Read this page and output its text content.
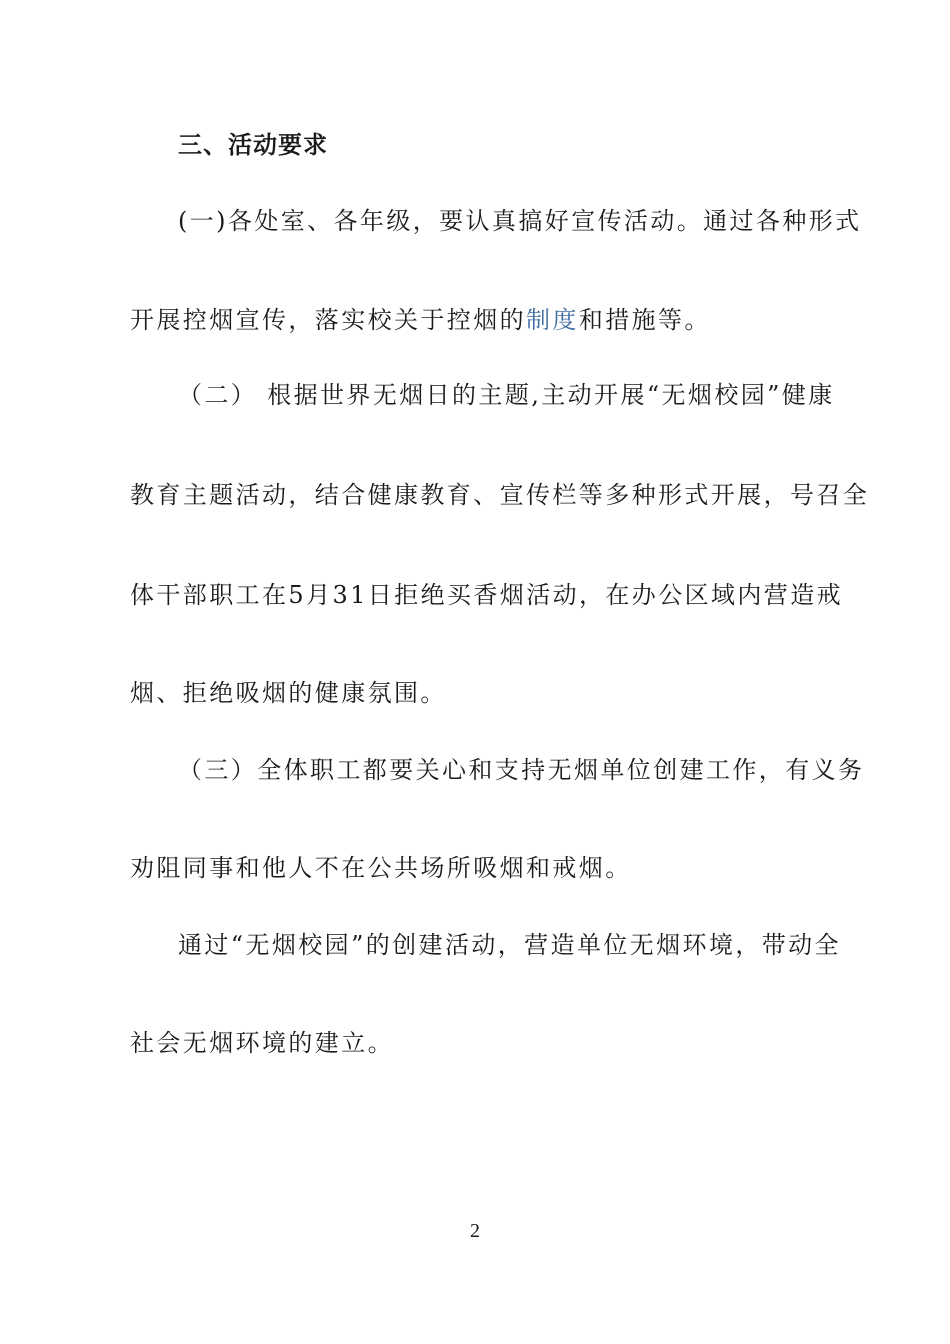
三、活动要求
(一)各处室、各年级，要认真搞好宣传活动。通过各种形式
开展控烟宣传，落实校关于控烟的制度和措施等。
（二） 根据世界无烟日的主题,主动开展“无烟校园”健康
教育主题活动，结合健康教育、宣传栏等多种形式开展，号召全
体干部职工在5月31日拒绝买香烟活动，在办公区域内营造戒
烟、拒绝吸烟的健康氛围。
（三）全体职工都要关心和支持无烟单位创建工作，有义务
劝阻同事和他人不在公共场所吸烟和戒烟。
通过“无烟校园”的创建活动，营造单位无烟环境，带动全
社会无烟环境的建立。
2
